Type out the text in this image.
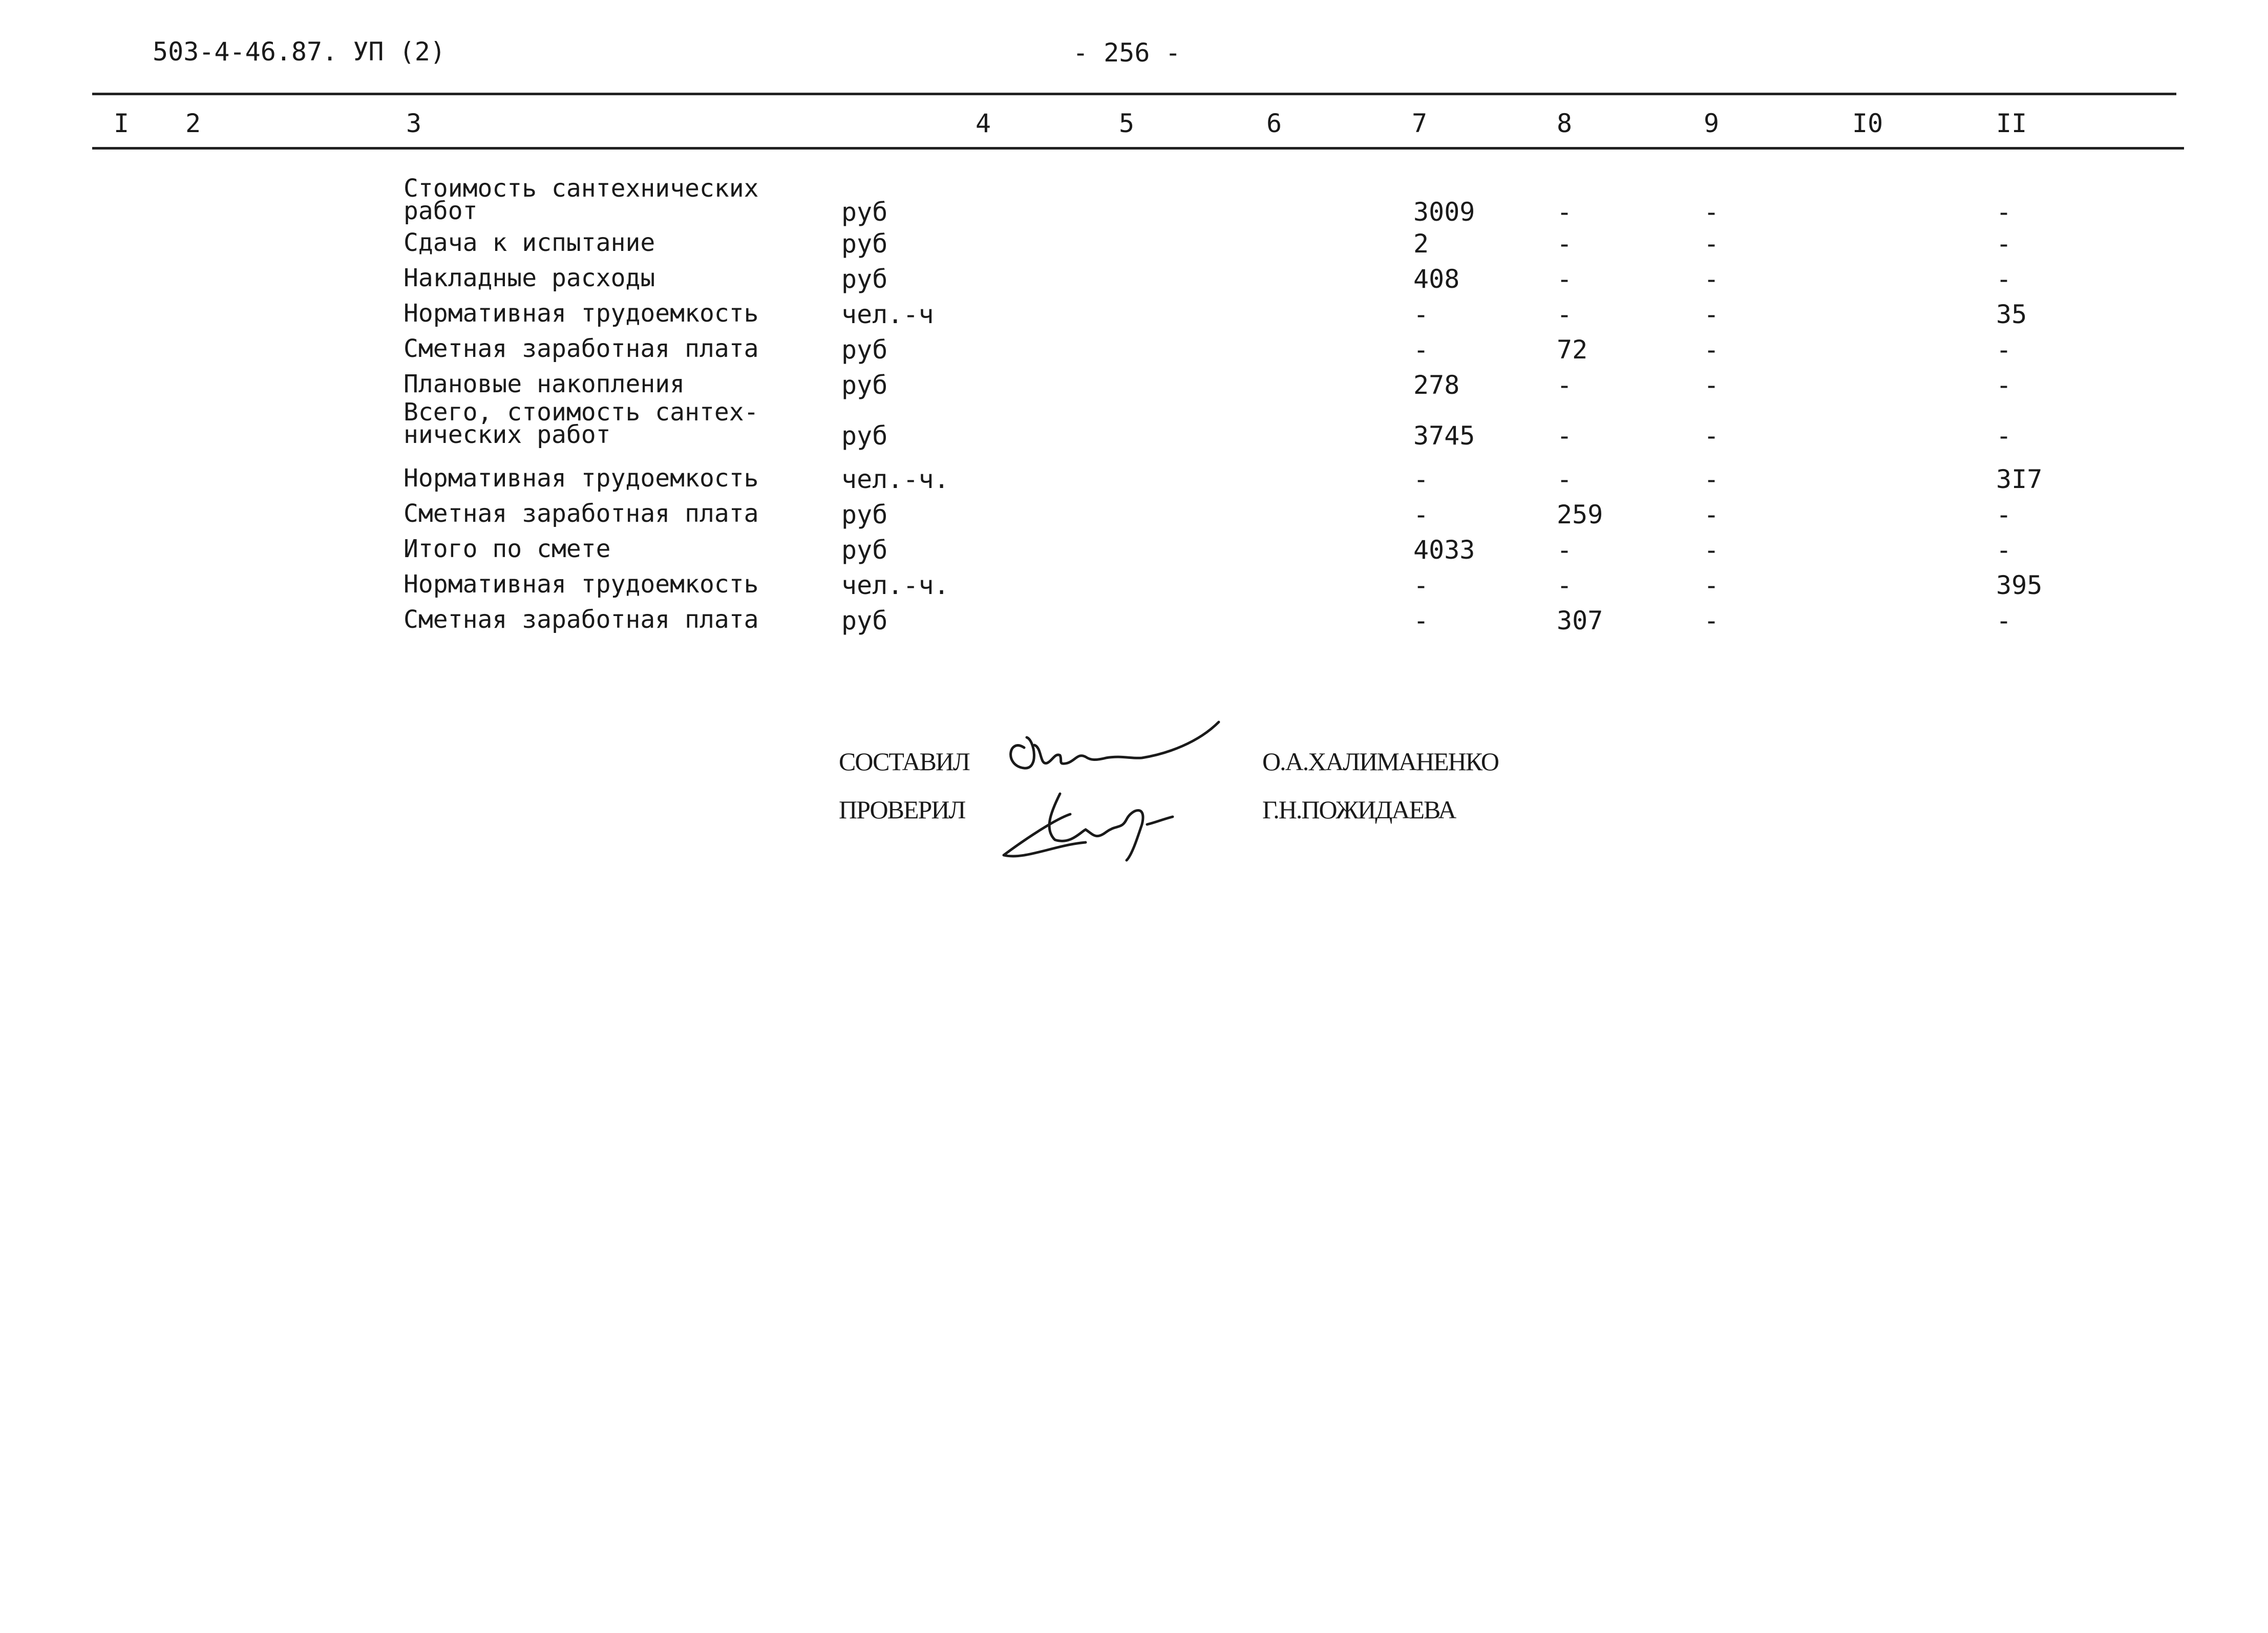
503-4-46.87. УП (2)	- 256 -
I 2	3	4	5	6	7	8	9	I0	II
Стоимость сантехнических
работ	руб	3009	-	-	-
Сдача к испытание	руб	2	-	-	-
Накладные расходы	руб	408	-	-	-
Нормативная трудоемкость	чел.-ч	-	-	-	35
Сметная заработная плата	руб	-	72	-	-
Плановые накопления	руб	278	-	-	-
Всего, стоимость сантех-
нических работ	руб	3745	-	-	-
Нормативная трудоемкость	чел.-ч.	-	-	-	3I7
Сметная заработная плата	руб	-	259	-	-
Итого по смете	руб	4033	-	-	-
Нормативная трудоемкость	чел.-ч.	-	-	-	395
Сметная заработная плата	руб	-	307	-	-
СОСТАВИЛ
ПРОВЕРИЛ
О.А.ХАЛИМАНЕНКО
Г.Н.ПОЖИДАЕВА
